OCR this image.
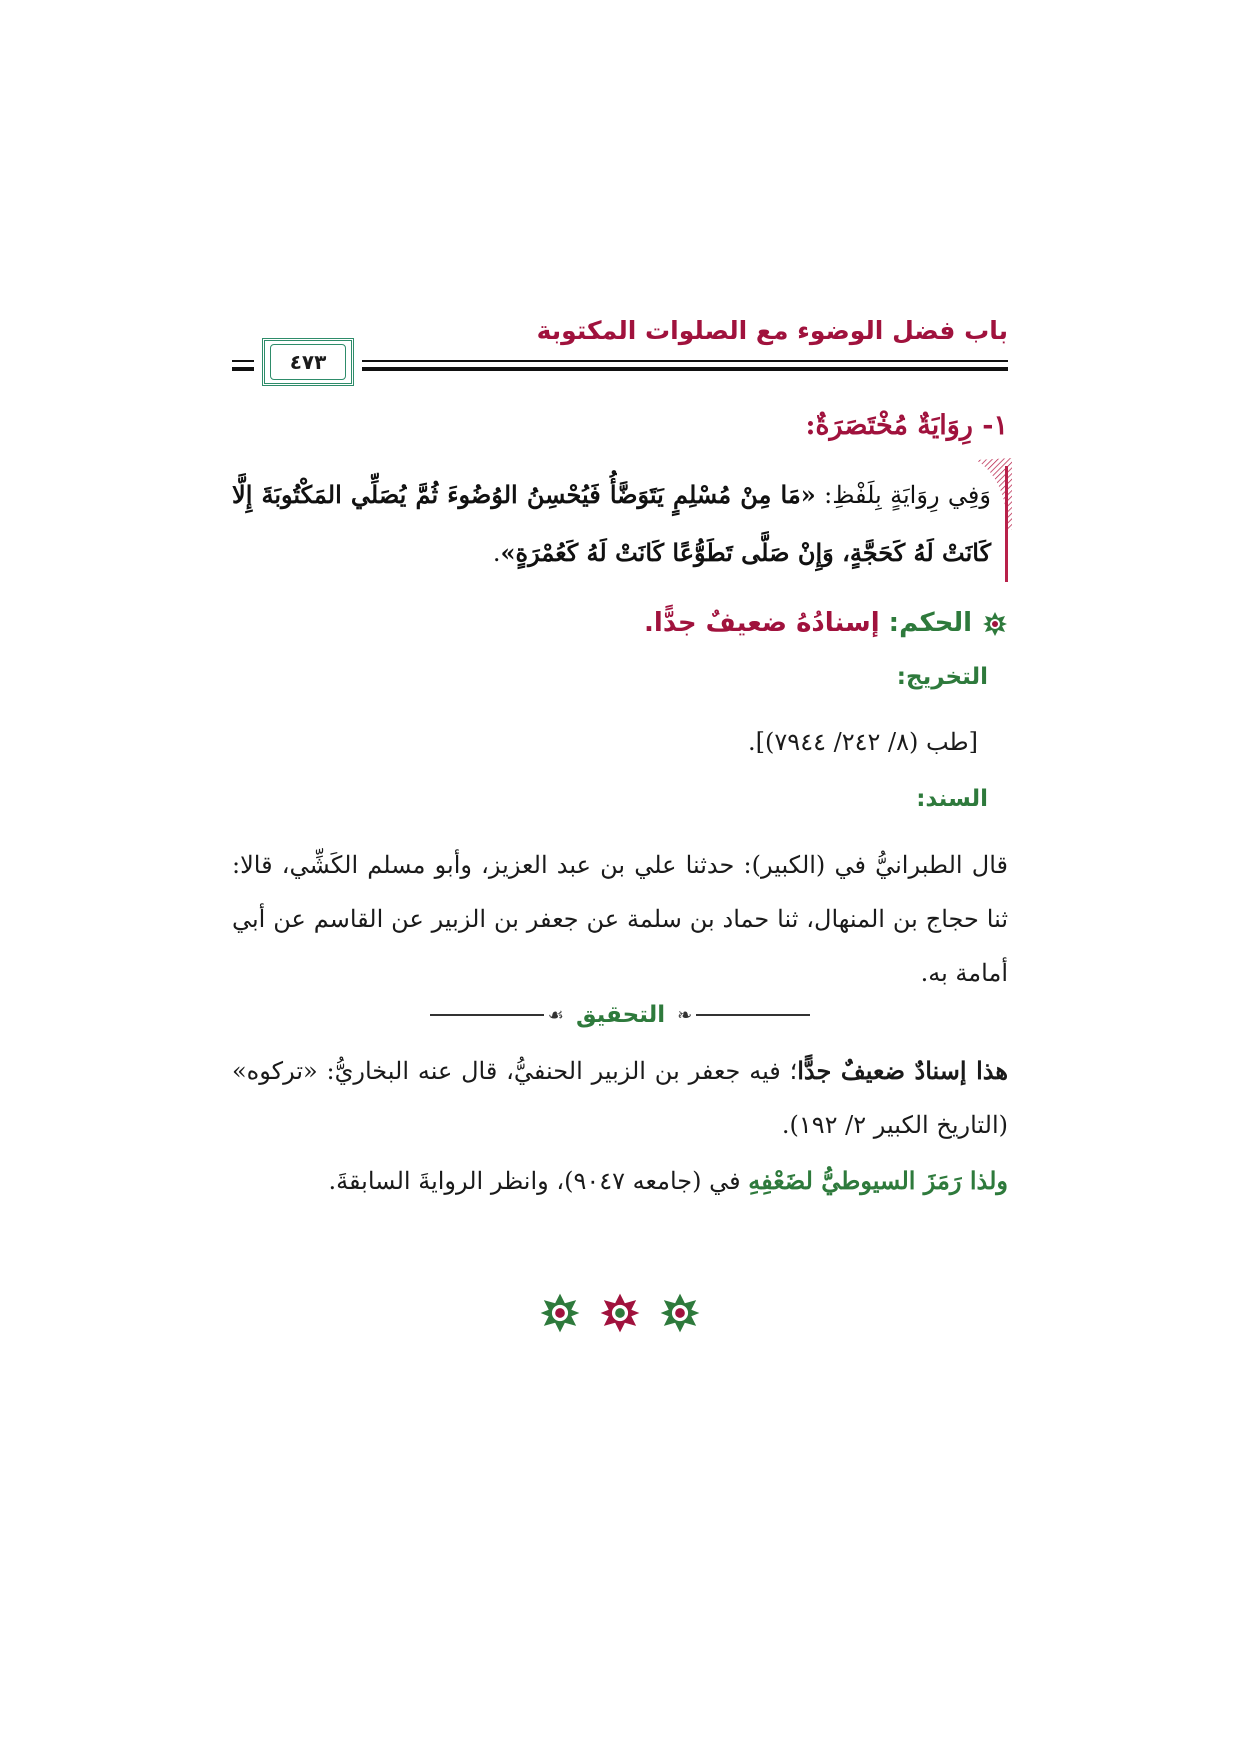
باب فضل الوضوء مع الصلوات المكتوبة
٤٧٣
١- رِوَايَةٌ مُخْتَصَرَةٌ:
وَفِي رِوَايَةٍ بِلَفْظِ: «مَا مِنْ مُسْلِمٍ يَتَوَضَّأُ فَيُحْسِنُ الوُضُوءَ ثُمَّ يُصَلِّي المَكْتُوبَةَ إِلَّا كَانَتْ لَهُ كَحَجَّةٍ، وَإِنْ صَلَّى تَطَوُّعًا كَانَتْ لَهُ كَعُمْرَةٍ».
الحكم: إسنادُهُ ضعيفٌ جدًّا.
التخريج:
[طب (٨/ ٢٤٢/ ٧٩٤٤)].
السند:
قال الطبرانيُّ في (الكبير): حدثنا علي بن عبد العزيز، وأبو مسلم الكَشِّي، قالا: ثنا حجاج بن المنهال، ثنا حماد بن سلمة عن جعفر بن الزبير عن القاسم عن أبي أمامة به.
❧
التحقيق
☙
هذا إسنادٌ ضعيفٌ جدًّا؛ فيه جعفر بن الزبير الحنفيُّ، قال عنه البخاريُّ: «تركوه» (التاريخ الكبير ٢/ ١٩٢).
ولذا رَمَزَ السيوطيُّ لضَعْفِهِ في (جامعه ٩٠٤٧)، وانظر الروايةَ السابقةَ.
